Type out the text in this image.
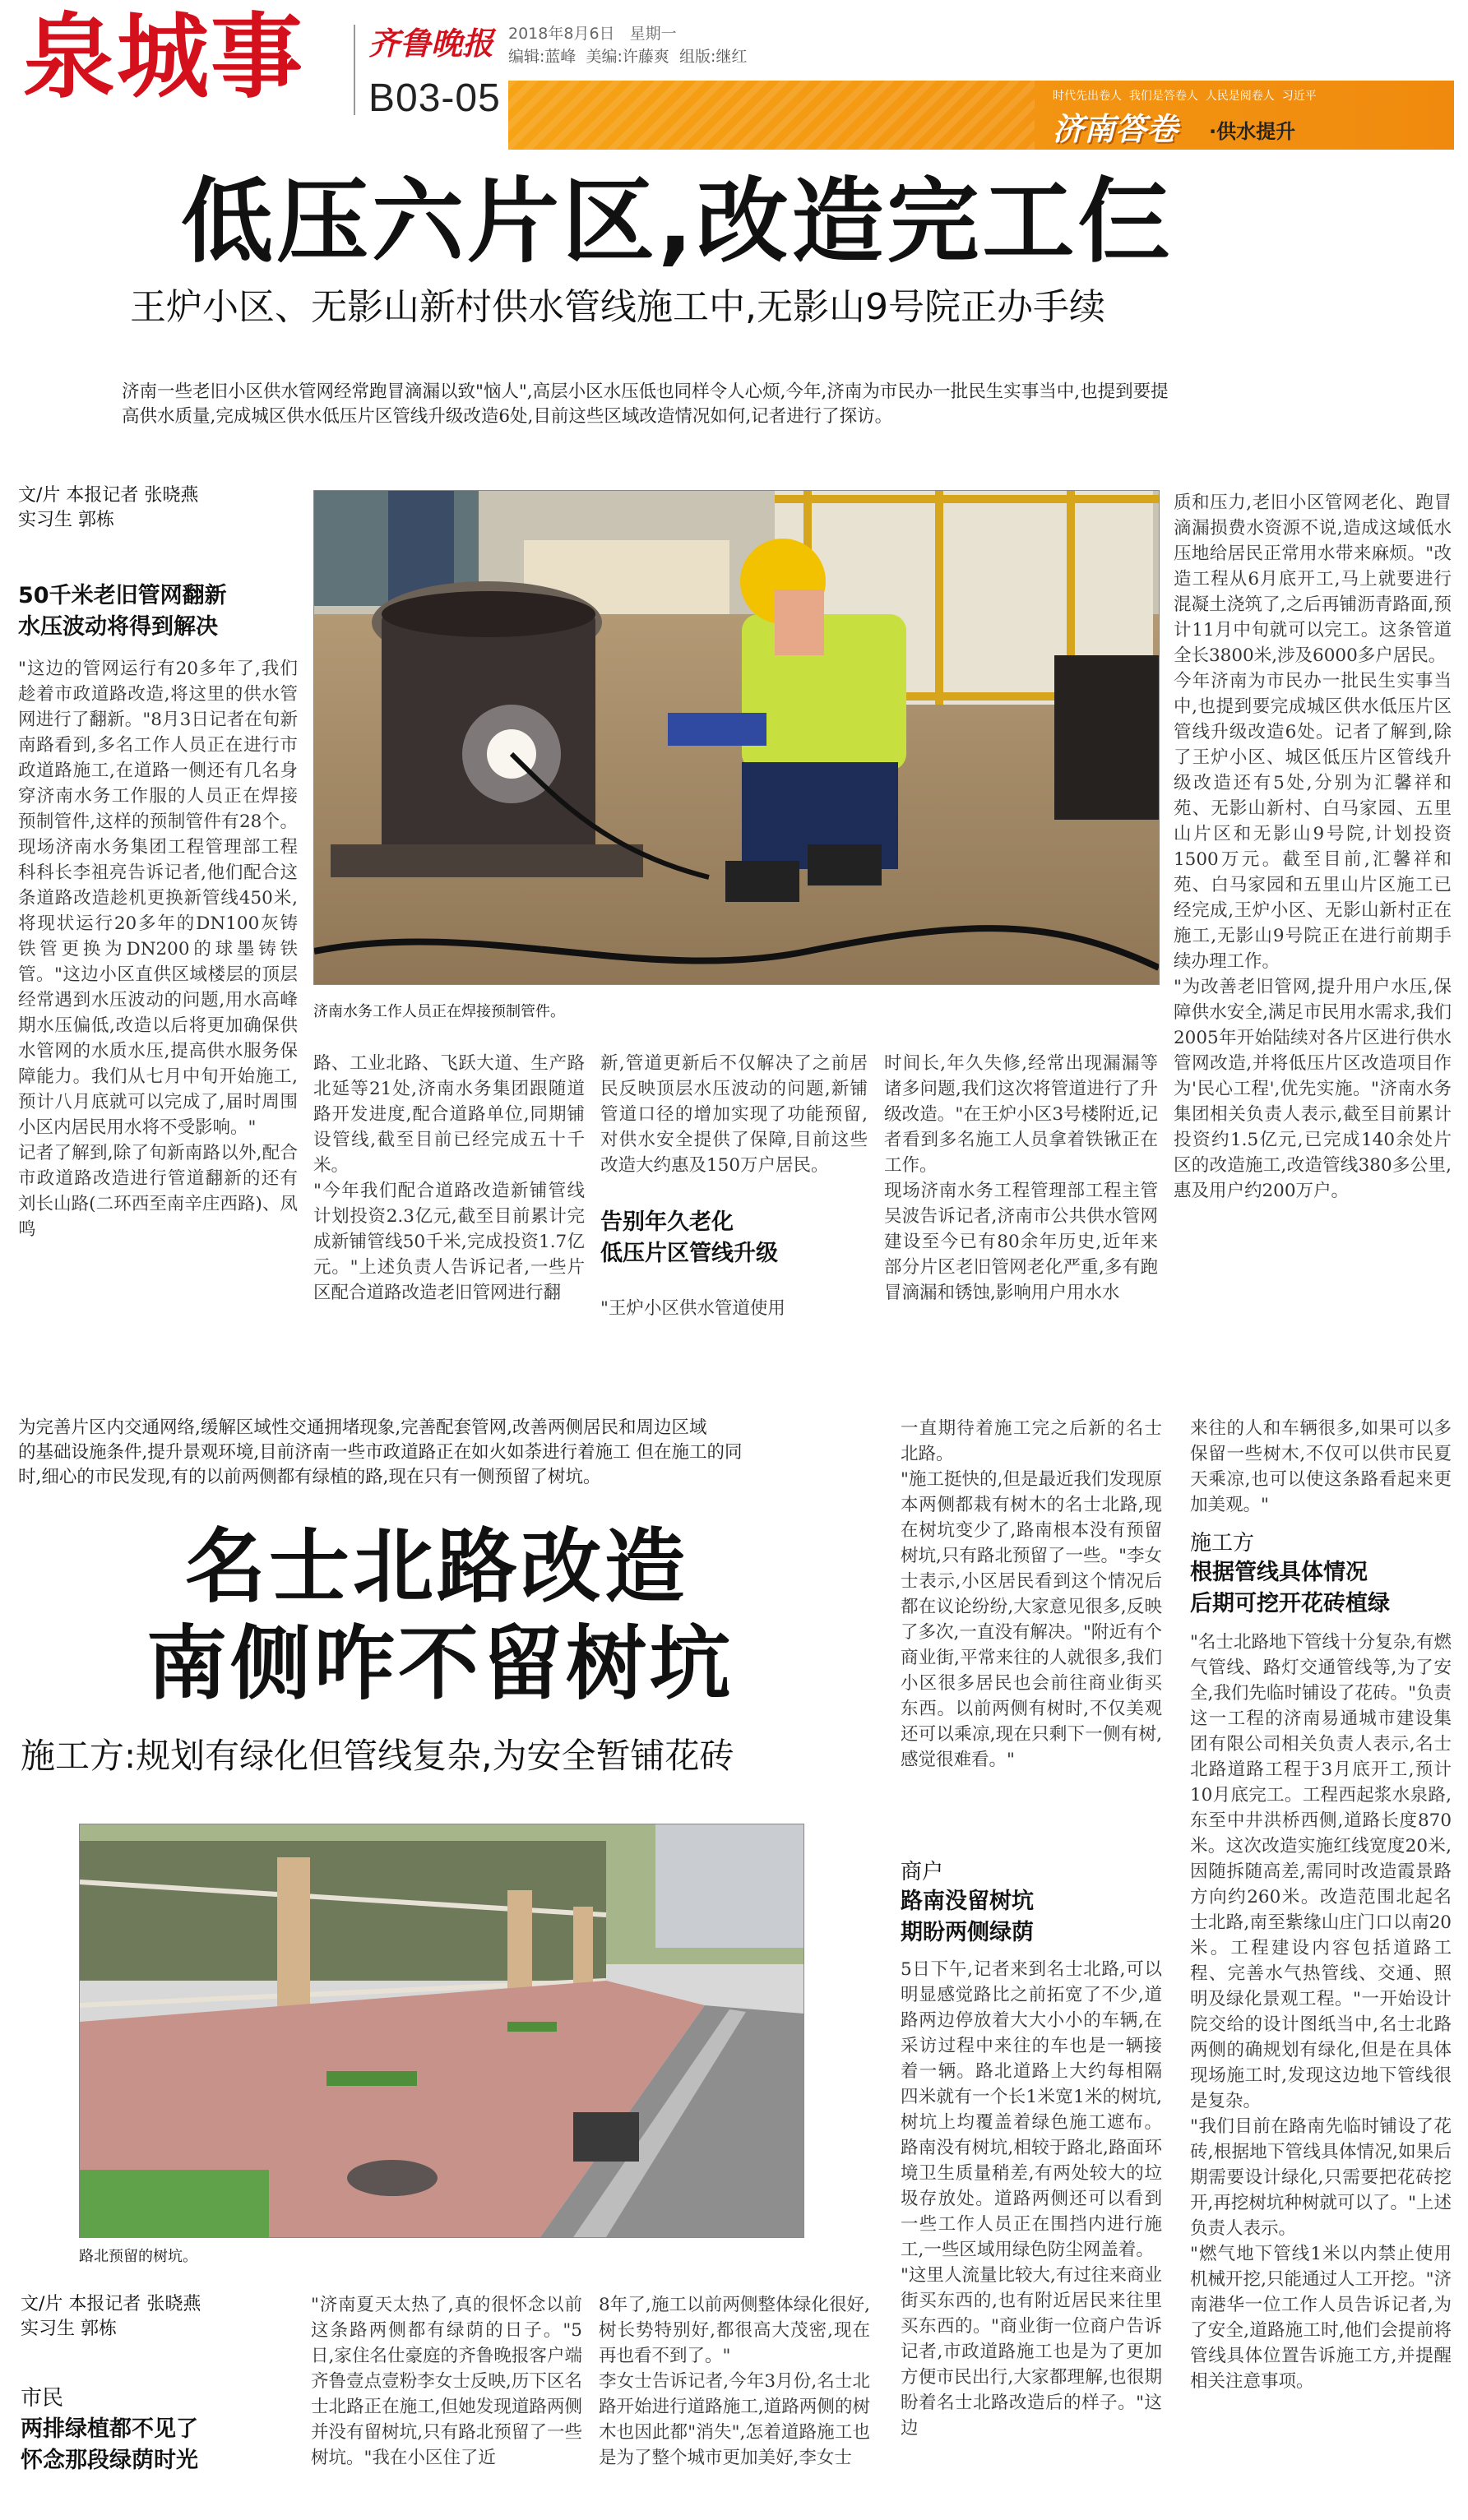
泉城事 齐鲁晚报
B03-05
2018年8月6日 星期一
编辑:蓝峰  美编:许藤爽  组版:继红
时代先出卷人  我们是答卷人  人民是阅卷人  习近平
济南答卷 ·供水提升
低压六片区,改造完工仨
王炉小区、无影山新村供水管线施工中,无影山9号院正办手续
济南一些老旧小区供水管网经常跑冒滴漏以致"恼人",高层小区水压低也同样令人心烦,今年,济南为市民办一批民生实事当中,也提到要提
高供水质量,完成城区供水低压片区管线升级改造6处,目前这些区域改造情况如何,记者进行了探访。
文/片 本报记者 张晓燕
实习生 郭栋
50千米老旧管网翻新
水压波动将得到解决
"这边的管网运行有20多年了,我们趁着市政道路改造,将这里的供水管网进行了翻新。"8月3日记者在旬新南路看到,多名工作人员正在进行市政道路施工,在道路一侧还有几名身穿济南水务工作服的人员正在焊接预制管件,这样的预制管件有28个。现场济南水务集团工程管理部工程科科长李祖亮告诉记者,他们配合这条道路改造趁机更换新管线450米,将现状运行20多年的DN100灰铸铁管更换为DN200的球墨铸铁管。"这边小区直供区域楼层的顶层经常遇到水压波动的问题,用水高峰期水压偏低,改造以后将更加确保供水管网的水质水压,提高供水服务保障能力。我们从七月中旬开始施工,预计八月底就可以完成了,届时周围小区内居民用水将不受影响。"
记者了解到,除了旬新南路以外,配合市政道路改造进行管道翻新的还有刘长山路(二环西至南辛庄西路)、凤鸣
济南水务工作人员正在焊接预制管件。
路、工业北路、飞跃大道、生产路北延等21处,济南水务集团跟随道路开发进度,配合道路单位,同期铺设管线,截至目前已经完成五十千米。
"今年我们配合道路改造新铺管线计划投资2.3亿元,截至目前累计完成新铺管线50千米,完成投资1.7亿元。"上述负责人告诉记者,一些片区配合道路改造老旧管网进行翻
新,管道更新后不仅解决了之前居民反映顶层水压波动的问题,新铺管道口径的增加实现了功能预留,对供水安全提供了保障,目前这些改造大约惠及150万户居民。
告别年久老化
低压片区管线升级
"王炉小区供水管道使用
时间长,年久失修,经常出现漏漏等诸多问题,我们这次将管道进行了升级改造。"在王炉小区3号楼附近,记者看到多名施工人员拿着铁锹正在工作。
现场济南水务工程管理部工程主管吴波告诉记者,济南市公共供水管网建设至今已有80余年历史,近年来部分片区老旧管网老化严重,多有跑冒滴漏和锈蚀,影响用户用水水
质和压力,老旧小区管网老化、跑冒滴漏损费水资源不说,造成这域低水压地给居民正常用水带来麻烦。"改造工程从6月底开工,马上就要进行混凝土浇筑了,之后再铺沥青路面,预计11月中旬就可以完工。这条管道全长3800米,涉及6000多户居民。
今年济南为市民办一批民生实事当中,也提到要完成城区供水低压片区管线升级改造6处。记者了解到,除了王炉小区、城区低压片区管线升级改造还有5处,分别为汇馨祥和苑、无影山新村、白马家园、五里山片区和无影山9号院,计划投资1500万元。截至目前,汇馨祥和苑、白马家园和五里山片区施工已经完成,王炉小区、无影山新村正在施工,无影山9号院正在进行前期手续办理工作。
"为改善老旧管网,提升用户水压,保障供水安全,满足市民用水需求,我们2005年开始陆续对各片区进行供水管网改造,并将低压片区改造项目作为'民心工程',优先实施。"济南水务集团相关负责人表示,截至目前累计投资约1.5亿元,已完成140余处片区的改造施工,改造管线380多公里,惠及用户约200万户。
为完善片区内交通网络,缓解区域性交通拥堵现象,完善配套管网,改善两侧居民和周边区域
的基础设施条件,提升景观环境,目前济南一些市政道路正在如火如荼进行着施工 但在施工的同
时,细心的市民发现,有的以前两侧都有绿植的路,现在只有一侧预留了树坑。
名士北路改造
南侧咋不留树坑
施工方:规划有绿化但管线复杂,为安全暂铺花砖
路北预留的树坑。
文/片 本报记者 张晓燕
实习生 郭栋
市民
两排绿植都不见了
怀念那段绿荫时光
"济南夏天太热了,真的很怀念以前这条路两侧都有绿荫的日子。"5日,家住名仕豪庭的齐鲁晚报客户端齐鲁壹点壹粉李女士反映,历下区名士北路正在施工,但她发现道路两侧并没有留树坑,只有路北预留了一些树坑。"我在小区住了近
8年了,施工以前两侧整体绿化很好,树长势特别好,都很高大茂密,现在再也看不到了。"
李女士告诉记者,今年3月份,名士北路开始进行道路施工,道路两侧的树木也因此都"消失",怎着道路施工也是为了整个城市更加美好,李女士
一直期待着施工完之后新的名士北路。
"施工挺快的,但是最近我们发现原本两侧都栽有树木的名士北路,现在树坑变少了,路南根本没有预留树坑,只有路北预留了一些。"李女士表示,小区居民看到这个情况后都在议论纷纷,大家意见很多,反映了多次,一直没有解决。"附近有个商业街,平常来往的人就很多,我们小区很多居民也会前往商业街买东西。以前两侧有树时,不仅美观还可以乘凉,现在只剩下一侧有树,感觉很难看。"
商户
路南没留树坑
期盼两侧绿荫
5日下午,记者来到名士北路,可以明显感觉路比之前拓宽了不少,道路两边停放着大大小小的车辆,在采访过程中来往的车也是一辆接着一辆。路北道路上大约每相隔四米就有一个长1米宽1米的树坑,树坑上均覆盖着绿色施工遮布。路南没有树坑,相较于路北,路面环境卫生质量稍差,有两处较大的垃圾存放处。道路两侧还可以看到一些工作人员正在围挡内进行施工,一些区域用绿色防尘网盖着。
"这里人流量比较大,有过往来商业街买东西的,也有附近居民来往里买东西的。"商业街一位商户告诉记者,市政道路施工也是为了更加方便市民出行,大家都理解,也很期盼着名士北路改造后的样子。"这边
来往的人和车辆很多,如果可以多保留一些树木,不仅可以供市民夏天乘凉,也可以使这条路看起来更加美观。"
施工方
根据管线具体情况
后期可挖开花砖植绿
"名士北路地下管线十分复杂,有燃气管线、路灯交通管线等,为了安全,我们先临时铺设了花砖。"负责这一工程的济南易通城市建设集团有限公司相关负责人表示,名士北路道路工程于3月底开工,预计10月底完工。工程西起浆水泉路,东至中井洪桥西侧,道路长度870米。这次改造实施红线宽度20米,因随拆随高差,需同时改造霞景路方向约260米。改造范围北起名士北路,南至紫缘山庄门口以南20米。工程建设内容包括道路工程、完善水气热管线、交通、照明及绿化景观工程。"一开始设计院交给的设计图纸当中,名士北路两侧的确规划有绿化,但是在具体现场施工时,发现这边地下管线很是复杂。
"我们目前在路南先临时铺设了花砖,根据地下管线具体情况,如果后期需要设计绿化,只需要把花砖挖开,再挖树坑种树就可以了。"上述负责人表示。
"燃气地下管线1米以内禁止使用机械开挖,只能通过人工开挖。"济南港华一位工作人员告诉记者,为了安全,道路施工时,他们会提前将管线具体位置告诉施工方,并提醒相关注意事项。
